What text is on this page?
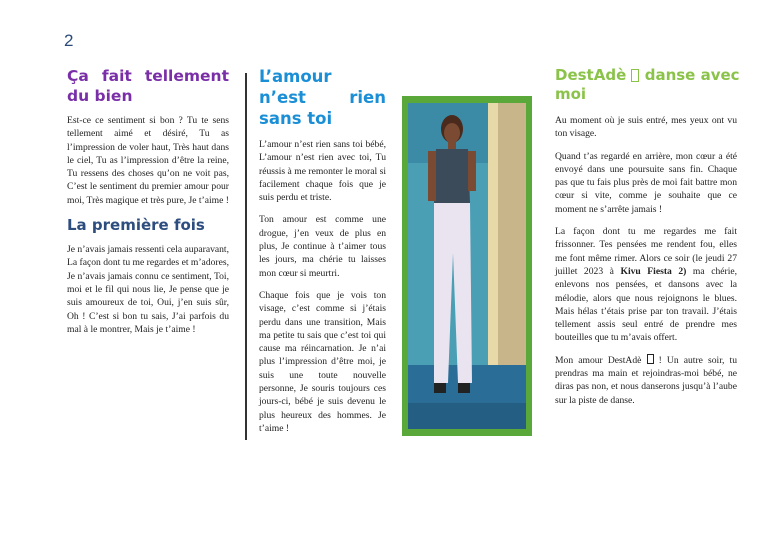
2
Ça fait tellement du bien

Est-ce ce sentiment si bon ? Tu te sens tellement aimé et désiré, Tu as l’impression de voler haut, Très haut dans le ciel, Tu as l’impression d’être la reine, Tu ressens des choses qu’on ne voit pas, C’est le sentiment du premier amour pour moi, Très magique et très pure, Je t’aime !

La première fois

Je n’avais jamais ressenti cela auparavant, La façon dont tu me regardes et m’adores, Je n’avais jamais connu ce sentiment, Toi, moi et le fil qui nous lie, Je pense que je suis amoureux de toi, Oui, j’en suis sûr, Oh ! C’est si bon tu sais, J’ai parfois du mal à le montrer, Mais je t’aime !

L’amour
n’est	rien
sans toi

L’amour n’est rien sans toi bébé, L’amour n’est rien avec toi, Tu réussis à me remonter le moral si facilement chaque fois que je suis perdu et triste.

Ton amour est comme une drogue, j’en veux de plus en plus, Je continue à t’aimer tous les jours, ma chérie tu laisses mon cœur si meurtri.

Chaque fois que je vois ton visage, c’est comme si j’étais perdu dans une transition, Mais ma petite tu sais que c’est toi qui cause ma réincarnation. Je n’ai plus l’impression d’être moi, je suis une toute nouvelle personne, Je souris toujours ces jours-ci, bébé je suis devenu le plus heureux des hommes. Je t’aime !

DestAdè danse avec
moi

Au moment où je suis entré, mes yeux ont vu ton visage.

Quand t’as regardé en arrière, mon cœur a été envoyé dans une poursuite sans fin. Chaque pas que tu fais plus près de moi fait battre mon cœur si vite, comme je souhaite que ce moment ne s’arrête jamais !

La façon dont tu me regardes me fait frissonner. Tes pensées me rendent fou, elles me font même rimer. Alors ce soir (le jeudi 27 juillet 2023 à Kivu Fiesta 2) ma chérie, enlevons nos pensées, et dansons avec la mélodie, alors que nous rejoignons le blues. Mais hélas t’étais prise par ton travail. J’étais tellement assis seul entré de prendre mes bouteilles que tu m’avais offert.

Mon amour DestAdè ! Un autre soir, tu prendras ma main et rejoindras-moi bébé, ne diras pas non, et nous danserons jusqu’à l’aube sur la piste de danse.
